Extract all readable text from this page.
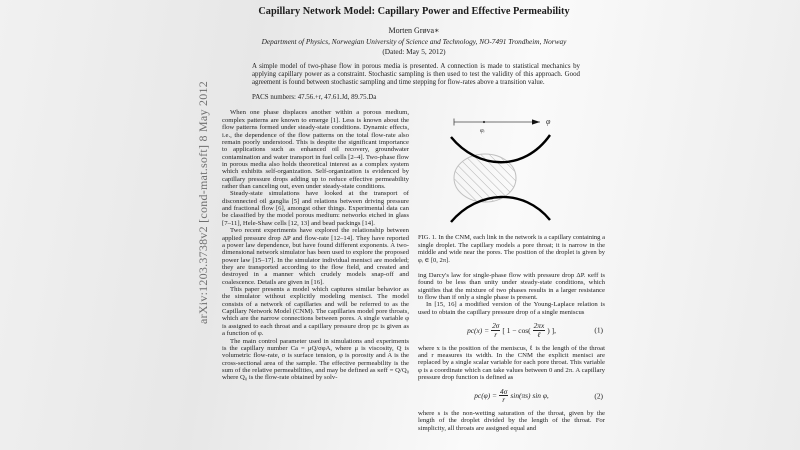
arXiv:1203.3738v2 [cond-mat.soft] 8 May 2012
Capillary Network Model: Capillary Power and Effective Permeability
Morten Grøva∗
Department of Physics, Norwegian University of Science and Technology, NO-7491 Trondheim, Norway
(Dated: May 5, 2012)

A simple model of two-phase flow in porous media is presented. A connection is made to statistical mechanics by applying capillary power as a constraint. Stochastic sampling is then used to test the validity of this approach. Good agreement is found between stochastic sampling and time stepping for flow-rates above a transition value.

PACS numbers: 47.56.+r, 47.61.Jd, 89.75.Da

When one phase displaces another within a porous medium, complex patterns are known to emerge [1]. Less is known about the flow patterns formed under steady-state conditions. Dynamic effects, i.e., the dependence of the flow patterns on the total flow-rate also remain poorly understood. This is despite the significant importance to applications such as enhanced oil recovery, groundwater contamination and water transport in fuel cells [2–4]. Two-phase flow in porous media also holds theoretical interest as a complex system which exhibits self-organization. Self-organization is evidenced by capillary pressure drops adding up to reduce effective permeability rather than canceling out, even under steady-state conditions.

Steady-state simulations have looked at the transport of disconnected oil ganglia [5] and relations between driving pressure and fractional flow [6], amongst other things. Experimental data can be classified by the model porous medium: networks etched in glass [7–11], Hele-Shaw cells [12, 13] and bead packings [14].

Two recent experiments have explored the relationship between applied pressure drop ΔP and flow-rate [12–14]. They have reported a power law dependence, but have found different exponents. A two-dimensional network simulator has been used to explore the proposed power law [15–17]. In the simulator individual menisci are modeled; they are transported according to the flow field, and created and destroyed in a manner which crudely models snap-off and coalescence. Details are given in [16].

This paper presents a model which captures similar behavior as the simulator without explicitly modeling menisci. The model consists of a network of capillaries and will be referred to as the Capillary Network Model (CNM). The capillaries model pore throats, which are the narrow connections between pores. A single variable φ is assigned to each throat and a capillary pressure drop pc is given as a function of φ.

The main control parameter used in simulations and experiments is the capillary number Ca = μQ/σφA, where μ is viscosity, Q is volumetric flow-rate, σ is surface tension, φ is porosity and A is the cross-sectional area of the sample. The effective permeability is the sum of the relative permeabilities, and may be defined as κeff = Q/Q₀ where Q₀ is the flow-rate obtained by solv-

φ
φᵢ

FIG. 1. In the CNM, each link in the network is a capillary containing a single droplet. The capillary models a pore throat; it is narrow in the middle and wide near the pores. The position of the droplet is given by φᵢ ∈ [0, 2π].

ing Darcy's law for single-phase flow with pressure drop ΔP. κeff is found to be less than unity under steady-state conditions, which signifies that the mixture of two phases results in a larger resistance to flow than if only a single phase is present.

In [15, 16] a modified version of the Young-Laplace relation is used to obtain the capillary pressure drop of a single meniscus

$pc(x) = \frac{2\sigma}{r}$ [ $1 - \cos( \frac{2\pi x}{\text{ℓ}}$ ) ],	(1)

where x is the position of the meniscus, ℓ is the length of the throat and r measures its width. In the CNM the explicit menisci are replaced by a single scalar variable for each pore throat. This variable φ is a coordinate which can take values between 0 and 2π. A capillary pressure drop function is defined as

$pc(\varphi) = \frac{4\sigma}{r} \sin(\pi s)$ sin φ,	(2)

where s is the non-wetting saturation of the throat, given by the length of the droplet divided by the length of the throat. For simplicity, all throats are assigned equal and
